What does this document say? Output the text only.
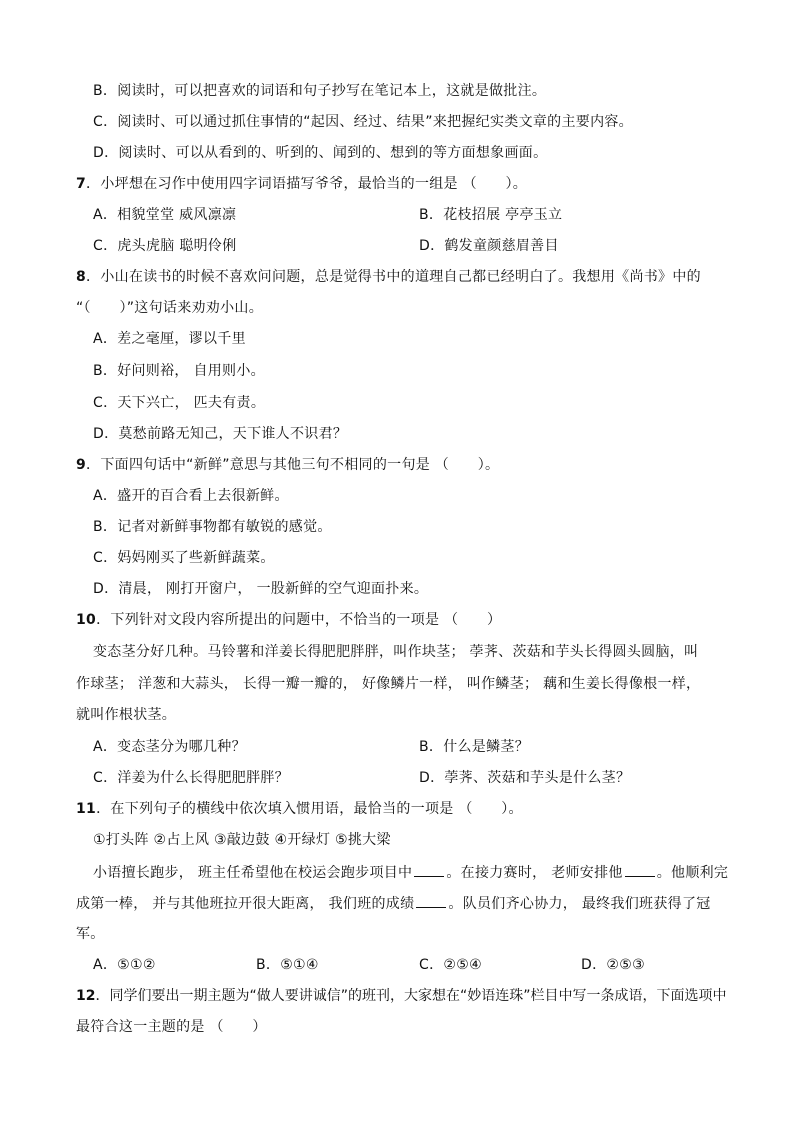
B．阅读时，可以把喜欢的词语和句子抄写在笔记本上，这就是做批注。
C．阅读时、可以通过抓住事情的“起因、经过、结果”来把握纪实类文章的主要内容。
D．阅读时、可以从看到的、听到的、闻到的、想到的等方面想象画面。
7．小坪想在习作中使用四字词语描写爷爷，最恰当的一组是 （　　）。
A．相貌堂堂 威风凛凛	B．花枝招展 亭亭玉立
C．虎头虎脑 聪明伶俐	D．鹤发童颜慈眉善目
8．小山在读书的时候不喜欢问问题，总是觉得书中的道理自己都已经明白了。我想用《尚书》中的
“（　　）”这句话来劝劝小山。
A．差之毫厘，谬以千里
B．好问则裕， 自用则小。
C．天下兴亡， 匹夫有责。
D．莫愁前路无知己，天下谁人不识君？
9．下面四句话中“新鲜”意思与其他三句不相同的一句是 （　　）。
A．盛开的百合看上去很新鲜。
B．记者对新鲜事物都有敏锐的感觉。
C．妈妈刚买了些新鲜蔬菜。
D．清晨， 刚打开窗户， 一股新鲜的空气迎面扑来。
10．下列针对文段内容所提出的问题中，不恰当的一项是 （　　）
变态茎分好几种。马铃薯和洋姜长得肥肥胖胖，叫作块茎； 荸荠、茨菇和芋头长得圆头圆脑，叫
作球茎； 洋葱和大蒜头， 长得一瓣一瓣的， 好像鳞片一样， 叫作鳞茎； 藕和生姜长得像根一样，
就叫作根状茎。
A．变态茎分为哪几种？	B．什么是鳞茎？
C．洋姜为什么长得肥肥胖胖？	D．荸荠、茨菇和芋头是什么茎？
11．在下列句子的横线中依次填入惯用语，最恰当的一项是 （　　）。
①打头阵 ②占上风 ③敲边鼓 ④开绿灯 ⑤挑大梁
小语擅长跑步， 班主任希望他在校运会跑步项目中 。在接力赛时， 老师安排他 。他顺利完
成第一棒， 并与其他班拉开很大距离， 我们班的成绩 。队员们齐心协力， 最终我们班获得了冠
军。
A．⑤①②	B．⑤①④	C．②⑤④	D．②⑤③
12．同学们要出一期主题为“做人要讲诚信”的班刊，大家想在“妙语连珠”栏目中写一条成语，下面选项中
最符合这一主题的是 （　　）
